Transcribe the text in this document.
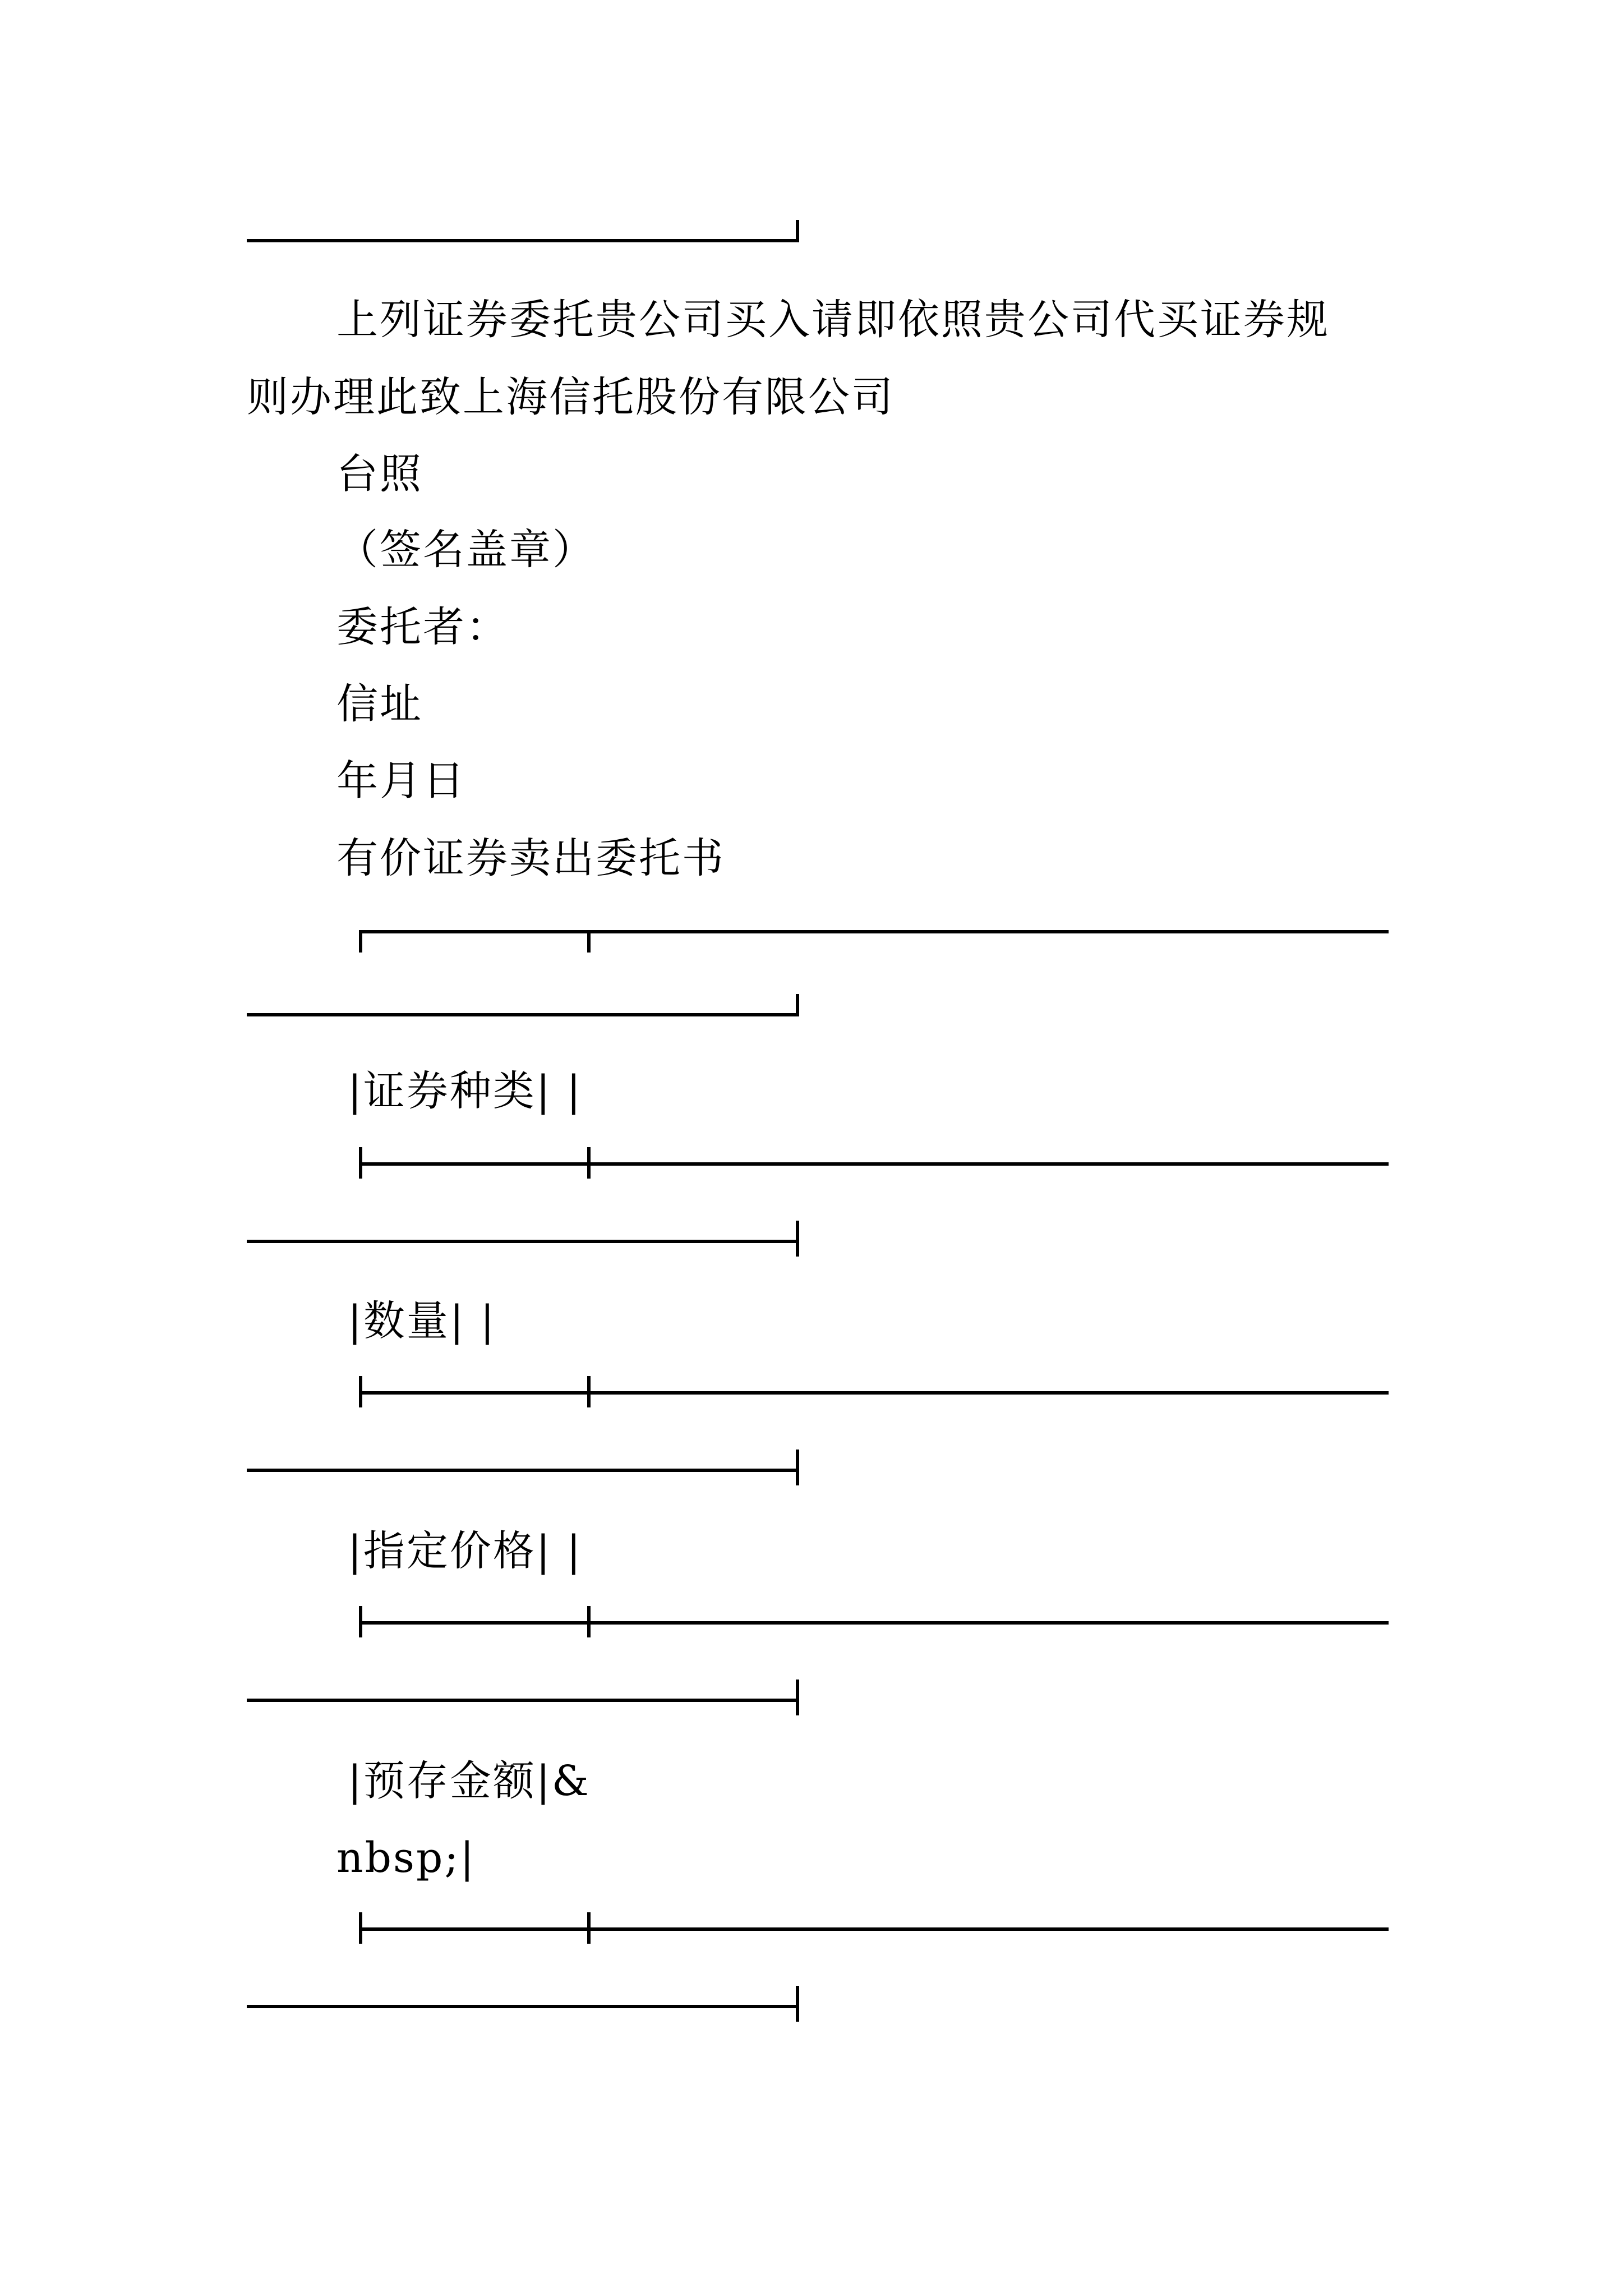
上列证券委托贵公司买入请即依照贵公司代买证券规
则办理此致上海信托股份有限公司
台照
（签名盖章）
委托者：
信址
年月日
有价证券卖出委托书
|证券种类| |
|数量| |
|指定价格| |
|预存金额|&
nbsp;|
